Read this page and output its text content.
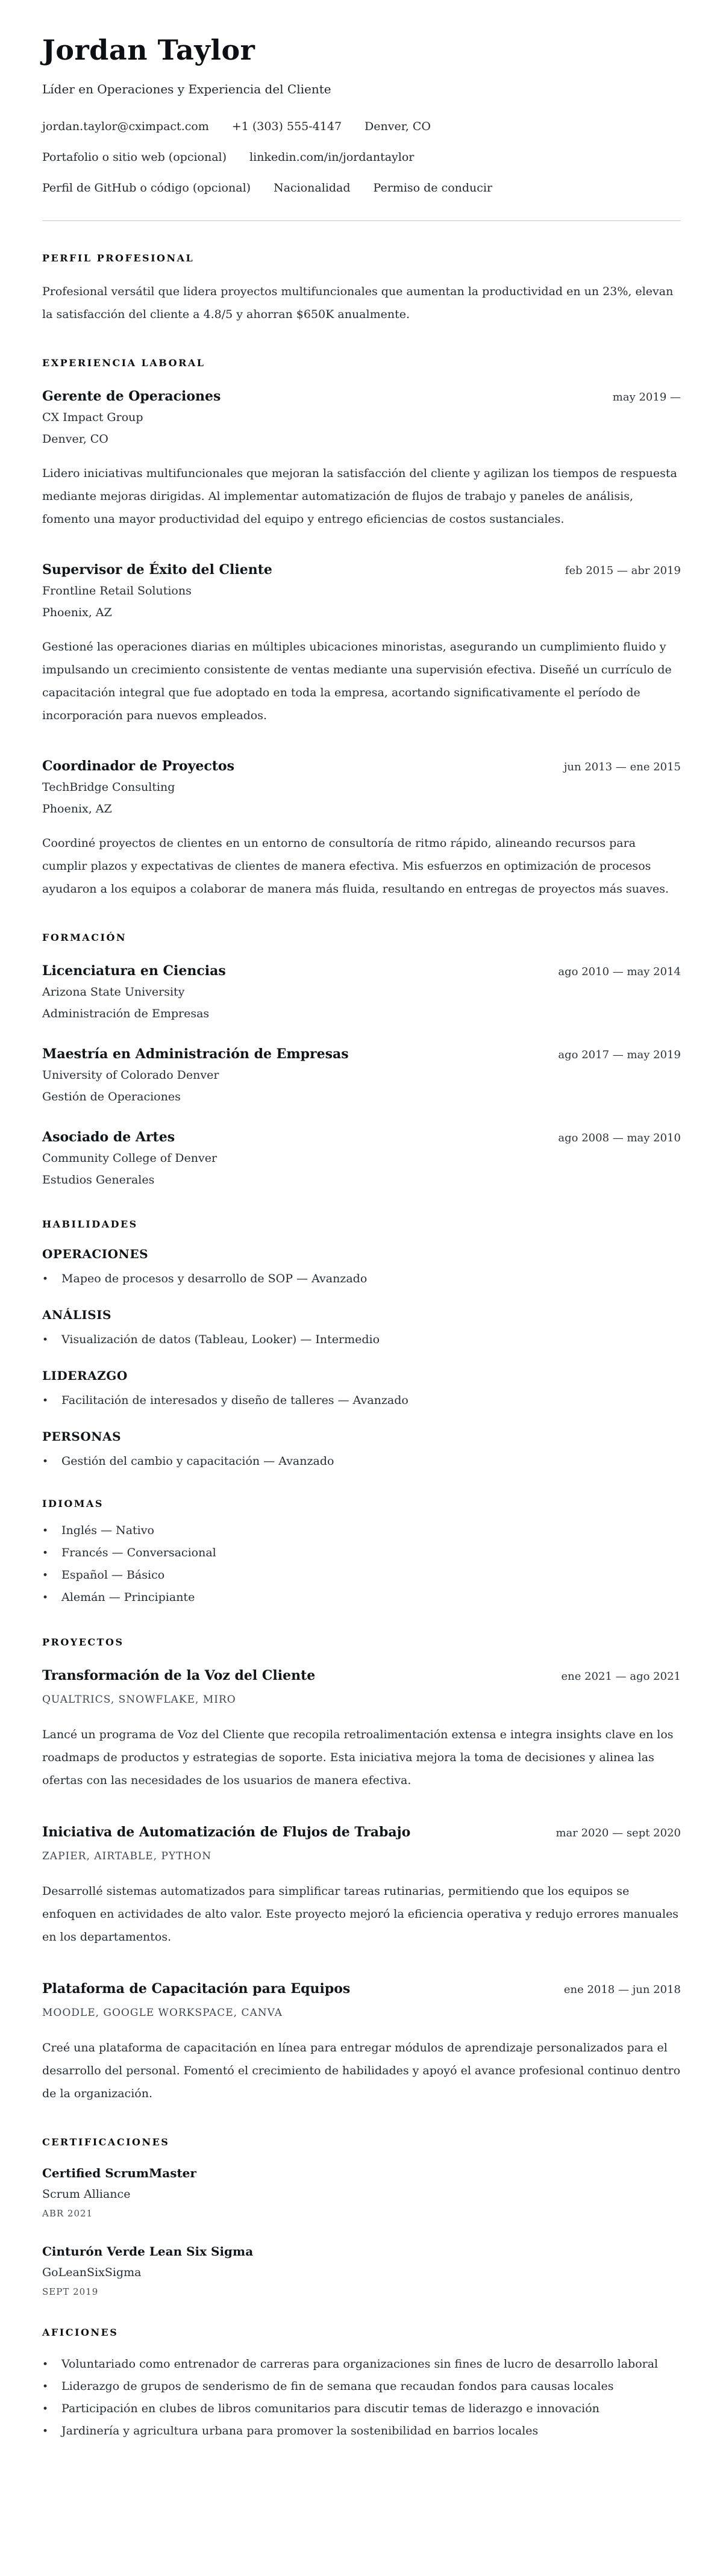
Jordan Taylor
Líder en Operaciones y Experiencia del Cliente
jordan.taylor@cximpact.com +1 (303) 555-4147 Denver, CO
Portafolio o sitio web (opcional) linkedin.com/in/jordantaylor
Perfil de GitHub o código (opcional) Nacionalidad Permiso de conducir
PERFIL PROFESIONAL
Profesional versátil que lidera proyectos multifuncionales que aumentan la productividad en un 23%, elevan la satisfacción del cliente a 4.8/5 y ahorran $650K anualmente.
EXPERIENCIA LABORAL
Gerente de Operaciones	may 2019 —
CX Impact Group
Denver, CO
Lidero iniciativas multifuncionales que mejoran la satisfacción del cliente y agilizan los tiempos de respuesta mediante mejoras dirigidas. Al implementar automatización de flujos de trabajo y paneles de análisis, fomento una mayor productividad del equipo y entrego eficiencias de costos sustanciales.
Supervisor de Éxito del Cliente	feb 2015 — abr 2019
Frontline Retail Solutions
Phoenix, AZ
Gestioné las operaciones diarias en múltiples ubicaciones minoristas, asegurando un cumplimiento fluido y impulsando un crecimiento consistente de ventas mediante una supervisión efectiva. Diseñé un currículo de capacitación integral que fue adoptado en toda la empresa, acortando significativamente el período de incorporación para nuevos empleados.
Coordinador de Proyectos	jun 2013 — ene 2015
TechBridge Consulting
Phoenix, AZ
Coordiné proyectos de clientes en un entorno de consultoría de ritmo rápido, alineando recursos para cumplir plazos y expectativas de clientes de manera efectiva. Mis esfuerzos en optimización de procesos ayudaron a los equipos a colaborar de manera más fluida, resultando en entregas de proyectos más suaves.
FORMACIÓN
Licenciatura en Ciencias	ago 2010 — may 2014
Arizona State University
Administración de Empresas
Maestría en Administración de Empresas	ago 2017 — may 2019
University of Colorado Denver
Gestión de Operaciones
Asociado de Artes	ago 2008 — may 2010
Community College of Denver
Estudios Generales
HABILIDADES
OPERACIONES
• Mapeo de procesos y desarrollo de SOP — Avanzado
ANÁLISIS
• Visualización de datos (Tableau, Looker) — Intermedio
LIDERAZGO
• Facilitación de interesados y diseño de talleres — Avanzado
PERSONAS
• Gestión del cambio y capacitación — Avanzado
IDIOMAS
• Inglés — Nativo
• Francés — Conversacional
• Español — Básico
• Alemán — Principiante
PROYECTOS
Transformación de la Voz del Cliente	ene 2021 — ago 2021
QUALTRICS, SNOWFLAKE, MIRO
Lancé un programa de Voz del Cliente que recopila retroalimentación extensa e integra insights clave en los roadmaps de productos y estrategias de soporte. Esta iniciativa mejora la toma de decisiones y alinea las ofertas con las necesidades de los usuarios de manera efectiva.
Iniciativa de Automatización de Flujos de Trabajo	mar 2020 — sept 2020
ZAPIER, AIRTABLE, PYTHON
Desarrollé sistemas automatizados para simplificar tareas rutinarias, permitiendo que los equipos se enfoquen en actividades de alto valor. Este proyecto mejoró la eficiencia operativa y redujo errores manuales en los departamentos.
Plataforma de Capacitación para Equipos	ene 2018 — jun 2018
MOODLE, GOOGLE WORKSPACE, CANVA
Creé una plataforma de capacitación en línea para entregar módulos de aprendizaje personalizados para el desarrollo del personal. Fomentó el crecimiento de habilidades y apoyó el avance profesional continuo dentro de la organización.
CERTIFICACIONES
Certified ScrumMaster
Scrum Alliance
ABR 2021
Cinturón Verde Lean Six Sigma
GoLeanSixSigma
SEPT 2019
AFICIONES
• Voluntariado como entrenador de carreras para organizaciones sin fines de lucro de desarrollo laboral
• Liderazgo de grupos de senderismo de fin de semana que recaudan fondos para causas locales
• Participación en clubes de libros comunitarios para discutir temas de liderazgo e innovación
• Jardinería y agricultura urbana para promover la sostenibilidad en barrios locales
